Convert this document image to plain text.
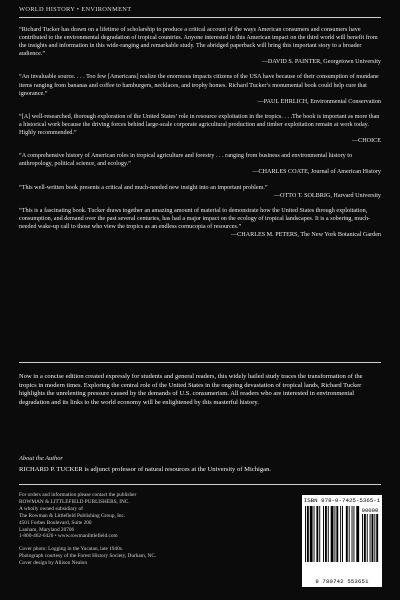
WORLD HISTORY • ENVIRONMENT

“Richard Tucker has drawn on a lifetime of scholarship to produce a critical account of the ways American consumers and consumers have contributed to the environmental degradation of tropical countries. Anyone interested in this American impact on the third world will benefit from the insights and information in this wide-ranging and remarkable study. The abridged paperback will bring this important story to a broader audience.”
—DAVID S. PAINTER, Georgetown University

“An invaluable source. . . . Too few [Americans] realize the enormous impacts citizens of the USA have because of their consumption of mundane items ranging from bananas and coffee to hamburgers, necklaces, and trophy homes. Richard Tucker’s monumental book could help cure that ignorance.”
—PAUL EHRLICH, Environmental Conservation

“[A] well-researched, thorough exploration of the United States’ role in resource exploitation in the tropics. . . .The book is important as more than a historical work because the driving forces behind large-scale corporate agricultural production and timber exploitation remain at work today. Highly recommended.”
—CHOICE

“A comprehensive history of American roles in tropical agriculture and forestry . . . ranging from business and environmental history to anthropology, political science, and ecology.”
—CHARLES COATE, Journal of American History

“This well-written book presents a critical and much-needed new insight into an important problem.”
—OTTO T. SOLBRIG, Harvard University

“This is a fascinating book. Tucker draws together an amazing amount of material to demonstrate how the United States through exploitation, consumption, and demand over the past several centuries, has had a major impact on the ecology of tropical landscapes. It is a sobering, much-needed wake-up call to those who view the tropics as an endless cornucopia of resources.”
—CHARLES M. PETERS, The New York Botanical Garden

Now in a concise edition created expressly for students and general readers, this widely hailed study traces the transformation of the tropics in modern times. Exploring the central role of the United States in the ongoing devastation of tropical lands, Richard Tucker highlights the unrelenting pressure caused by the demands of U.S. consumerism. All readers who are interested in environmental degradation and its links to the world economy will be enlightened by this masterful history.
About the Author
RICHARD P. TUCKER is adjunct professor of natural resources at the University of Michigan.
For orders and information please contact the publisher
ROWMAN & LITTLEFIELD PUBLISHERS, INC.
A wholly owned subsidiary of
The Rowman & Littlefield Publishing Group, Inc.
4501 Forbes Boulevard, Suite 200
Lanham, Maryland 20706
1-800-462-6420 • www.rowmanlittlefield.com
Cover photo: Logging in the Yucatan, late 1940s.
Photograph courtesy of the Forest History Society, Durham, NC.
Cover design by Allison Nealon
ISBN 978-0-7425-5365-1
90000
9 780742 553651
